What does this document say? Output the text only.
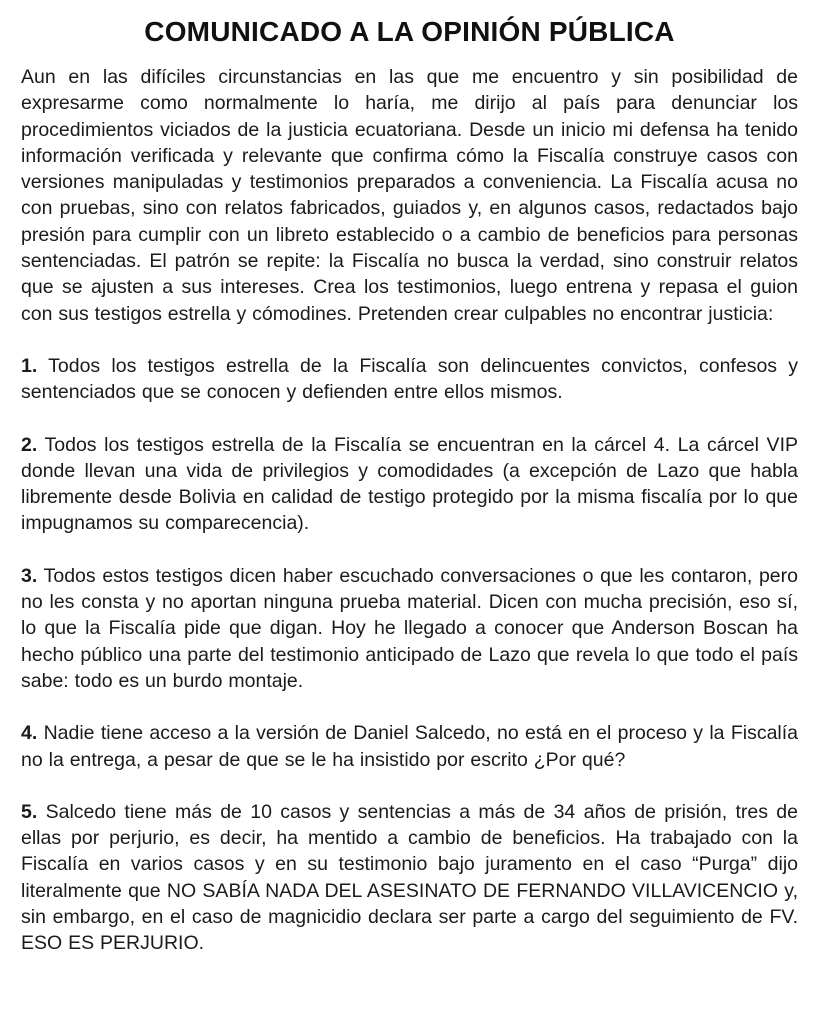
COMUNICADO A LA OPINIÓN PÚBLICA

Aun en las difíciles circunstancias en las que me encuentro y sin posibilidad de expresarme como normalmente lo haría, me dirijo al país para denunciar los procedimientos viciados de la justicia ecuatoriana. Desde un inicio mi defensa ha tenido información verificada y relevante que confirma cómo la Fiscalía construye casos con versiones manipuladas y testimonios preparados a conveniencia. La Fiscalía acusa no con pruebas, sino con relatos fabricados, guiados y, en algunos casos, redactados bajo presión para cumplir con un libreto establecido o a cambio de beneficios para personas sentenciadas. El patrón se repite: la Fiscalía no busca la verdad, sino construir relatos que se ajusten a sus intereses. Crea los testimonios, luego entrena y repasa el guion con sus testigos estrella y cómodines. Pretenden crear culpables no encontrar justicia:

1. Todos los testigos estrella de la Fiscalía son delincuentes convictos, confesos y sentenciados que se conocen y defienden entre ellos mismos.

2. Todos los testigos estrella de la Fiscalía se encuentran en la cárcel 4. La cárcel VIP donde llevan una vida de privilegios y comodidades (a excepción de Lazo que habla libremente desde Bolivia en calidad de testigo protegido por la misma fiscalía por lo que impugnamos su comparecencia).

3. Todos estos testigos dicen haber escuchado conversaciones o que les contaron, pero no les consta y no aportan ninguna prueba material. Dicen con mucha precisión, eso sí, lo que la Fiscalía pide que digan. Hoy he llegado a conocer que Anderson Boscan ha hecho público una parte del testimonio anticipado de Lazo que revela lo que todo el país sabe: todo es un burdo montaje.

4. Nadie tiene acceso a la versión de Daniel Salcedo, no está en el proceso y la Fiscalía no la entrega, a pesar de que se le ha insistido por escrito ¿Por qué?

5. Salcedo tiene más de 10 casos y sentencias a más de 34 años de prisión, tres de ellas por perjurio, es decir, ha mentido a cambio de beneficios. Ha trabajado con la Fiscalía en varios casos y en su testimonio bajo juramento en el caso “Purga” dijo literalmente que NO SABÍA NADA DEL ASESINATO DE FERNANDO VILLAVICENCIO y, sin embargo, en el caso de magnicidio declara ser parte a cargo del seguimiento de FV. ESO ES PERJURIO.
